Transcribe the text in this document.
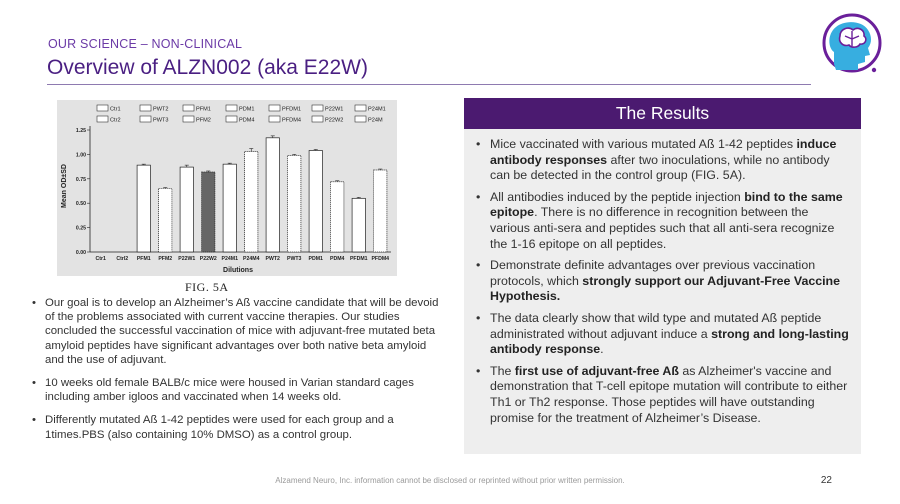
OUR SCIENCE – NON-CLINICAL
Overview of ALZN002 (aka E22W)
Ctr1	PWT2	PFM1	PDM1	PFDM1	P22W1	P24M1
Ctr2	PWT3	PFM2	PDM4	PFDM4	P22W2	P24M
0.00
0.25
0.50
0.75
1.00
1.25
Ctr1 Ctrl2 PFM1 PFM2 P22W1 P22W2 P24M1 P24M4 PWT2 PWT3 PDM1 PDM4 PFDM1 PFDM4
Mean OD±SD
Dilutions
FIG. 5A
• Our goal is to develop an Alzheimer’s Aß vaccine candidate that will be devoid of the problems associated with current vaccine therapies. Our studies concluded the successful vaccination of mice with adjuvant-free mutated beta amyloid peptides have significant advantages over both native beta amyloid and the use of adjuvant.
• 10 weeks old female BALB/c mice were housed in Varian standard cages including amber igloos and vaccinated when 14 weeks old.
• Differently mutated Aß 1-42 peptides were used for each group and a 1times.PBS (also containing 10% DMSO) as a control group.
The Results
• Mice vaccinated with various mutated Aß 1-42 peptides induce antibody responses after two inoculations, while no antibody can be detected in the control group (FIG. 5A).
• All antibodies induced by the peptide injection bind to the same epitope. There is no difference in recognition between the various anti-sera and peptides such that all anti-sera recognize the 1-16 epitope on all peptides.
• Demonstrate definite advantages over previous vaccination protocols, which strongly support our Adjuvant-Free Vaccine Hypothesis.
• The data clearly show that wild type and mutated Aß peptide administrated without adjuvant induce a strong and long-lasting antibody response.
• The first use of adjuvant-free Aß as Alzheimer's vaccine and demonstration that T-cell epitope mutation will contribute to either Th1 or Th2 response. Those peptides will have outstanding promise for the treatment of Alzheimer’s Disease.
Alzamend Neuro, Inc. information cannot be disclosed or reprinted without prior written permission.	22
